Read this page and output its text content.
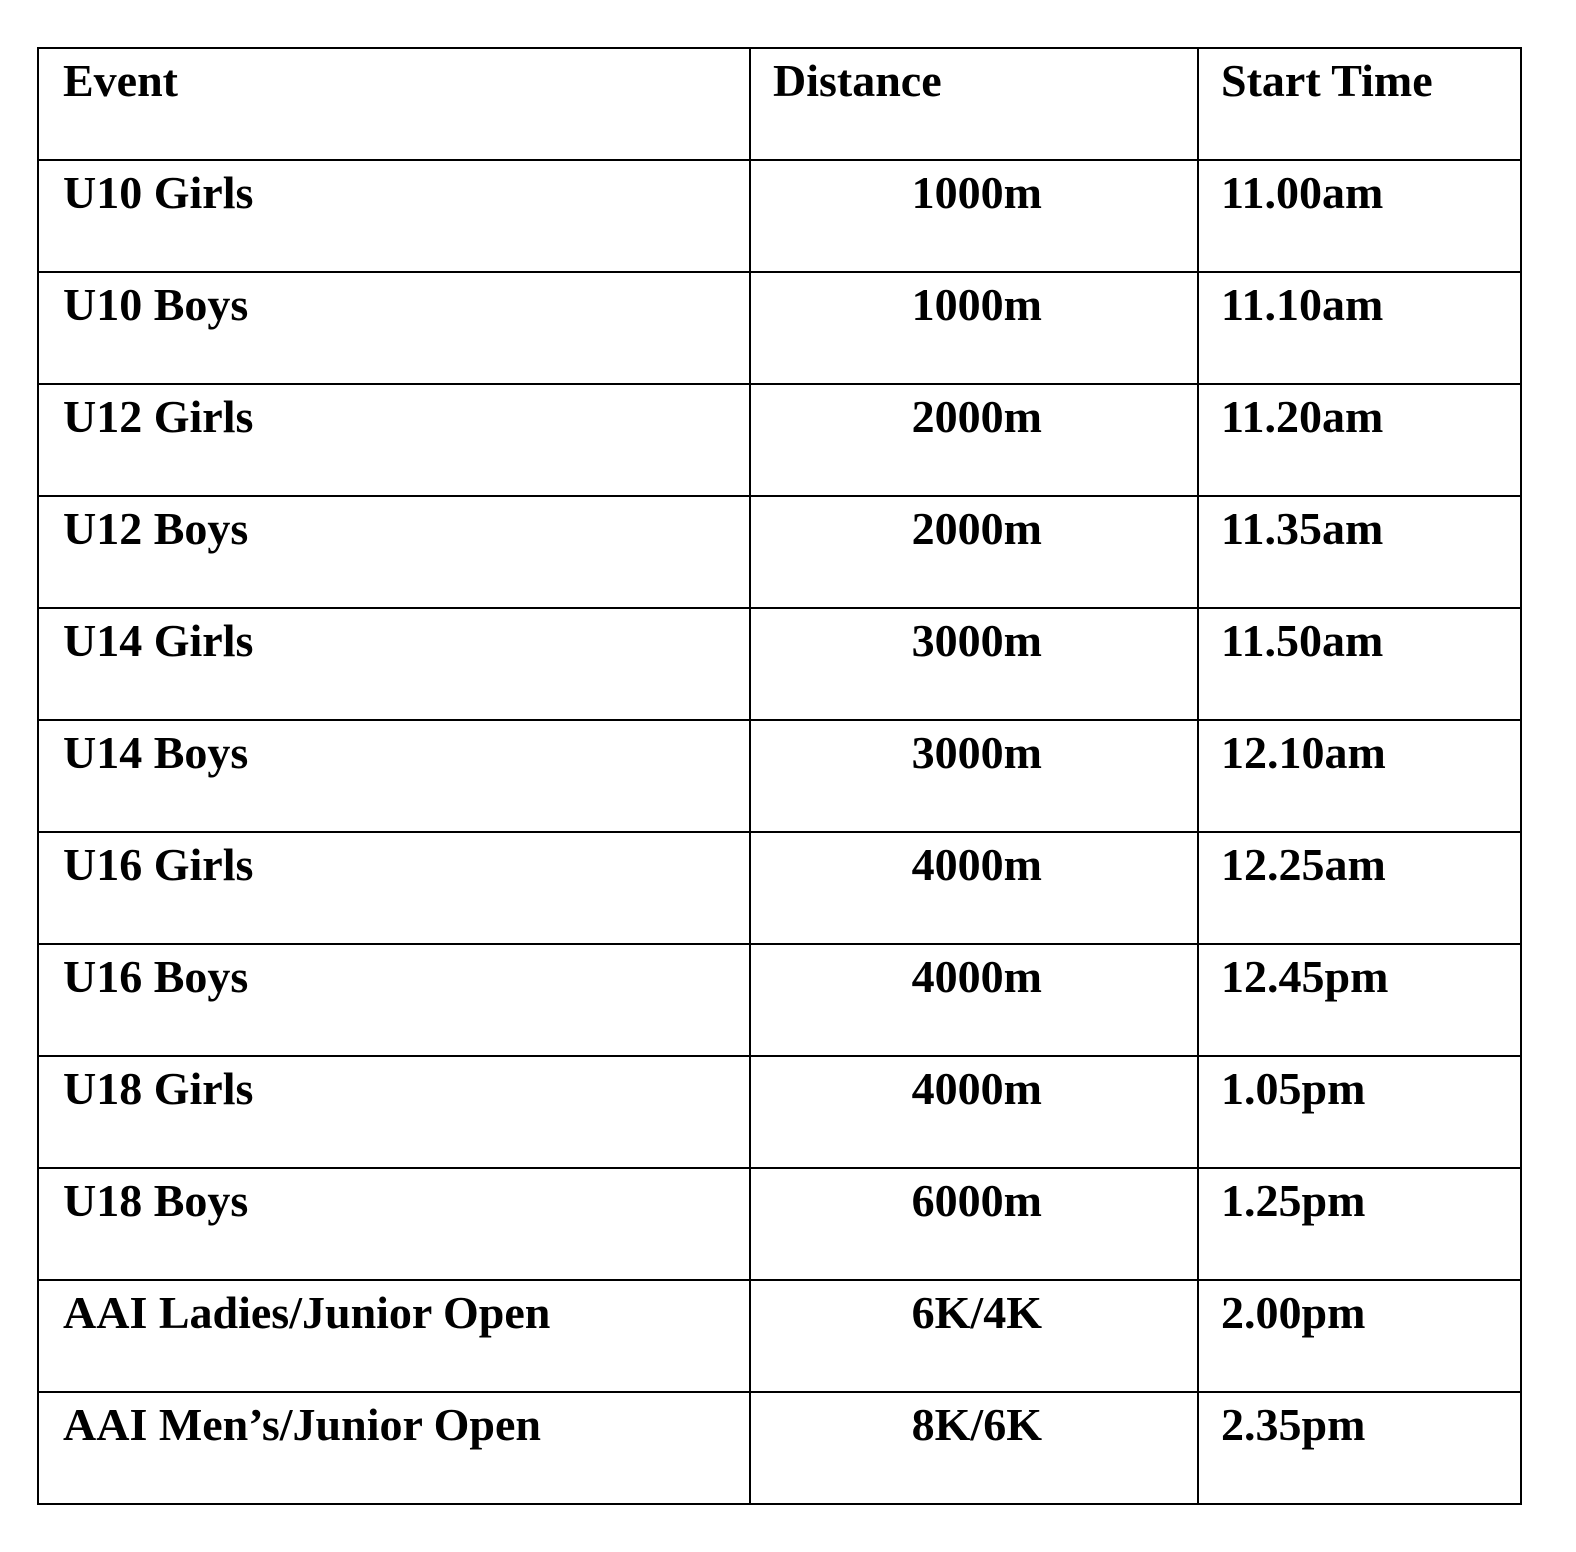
Event	Distance	Start Time
U10 Girls	1000m	11.00am
U10 Boys	1000m	11.10am
U12 Girls	2000m	11.20am
U12 Boys	2000m	11.35am
U14 Girls	3000m	11.50am
U14 Boys	3000m	12.10am
U16 Girls	4000m	12.25am
U16 Boys	4000m	12.45pm
U18 Girls	4000m	1.05pm
U18 Boys	6000m	1.25pm
AAI Ladies/Junior Open	6K/4K	2.00pm
AAI Men’s/Junior Open	8K/6K	2.35pm
